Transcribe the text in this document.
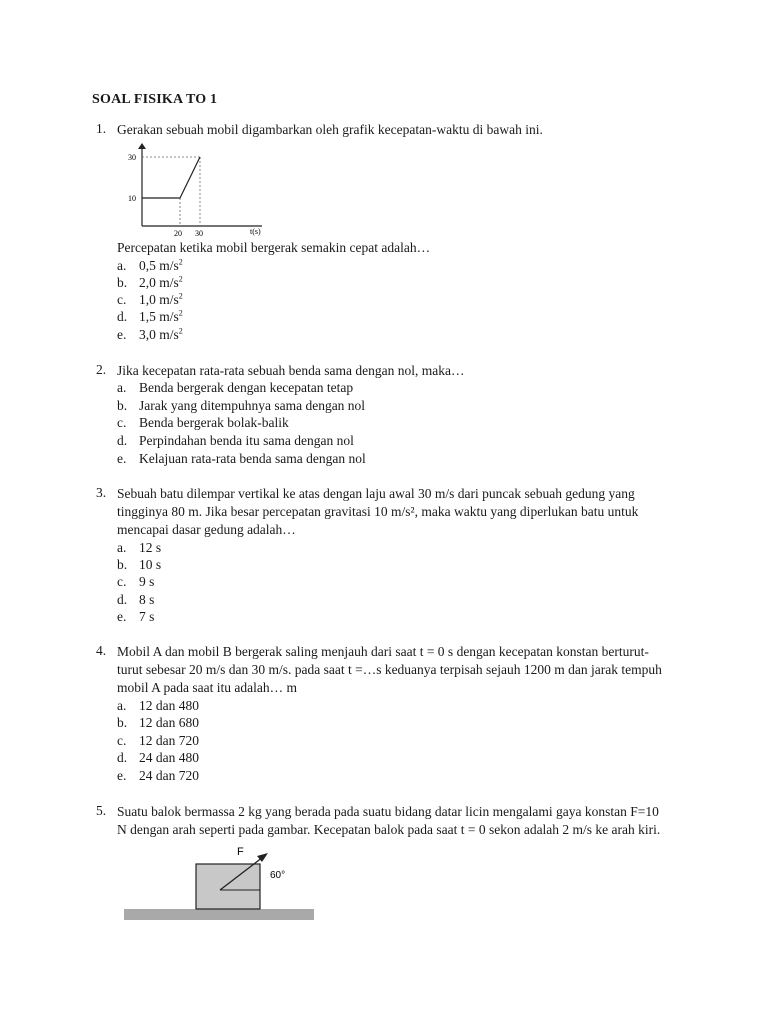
SOAL FISIKA TO 1
1. Gerakan sebuah mobil digambarkan oleh grafik kecepatan-waktu di bawah ini.
30
10
20 30	t(s)
Percepatan ketika mobil bergerak semakin cepat adalah…
a. 0,5 $m/s^2$
b. 2,0 $m/s^2$
c. 1,0 $m/s^2$
d. 1,5 $m/s^2$
e. 3,0 $m/s^2$
2. Jika kecepatan rata-rata sebuah benda sama dengan nol, maka…
a. Benda bergerak dengan kecepatan tetap
b. Jarak yang ditempuhnya sama dengan nol
c. Benda bergerak bolak-balik
d. Perpindahan benda itu sama dengan nol
e. Kelajuan rata-rata benda sama dengan nol
3. Sebuah batu dilempar vertikal ke atas dengan laju awal 30 m/s dari puncak sebuah gedung yang
tingginya 80 m. Jika besar percepatan gravitasi 10 m/s², maka waktu yang diperlukan batu untuk
mencapai dasar gedung adalah…
a. 12 s
b. 10 s
c. 9 s
d. 8 s
e. 7 s
4. Mobil A dan mobil B bergerak saling menjauh dari saat t = 0 s dengan kecepatan konstan berturut-
turut sebesar 20 m/s dan 30 m/s. pada saat t =…s keduanya terpisah sejauh 1200 m dan jarak tempuh
mobil A pada saat itu adalah… m
a. 12 dan 480
b. 12 dan 680
c. 12 dan 720
d. 24 dan 480
e. 24 dan 720
5. Suatu balok bermassa 2 kg yang berada pada suatu bidang datar licin mengalami gaya konstan F=10
N dengan arah seperti pada gambar. Kecepatan balok pada saat t = 0 sekon adalah 2 m/s ke arah kiri.
F
60°
